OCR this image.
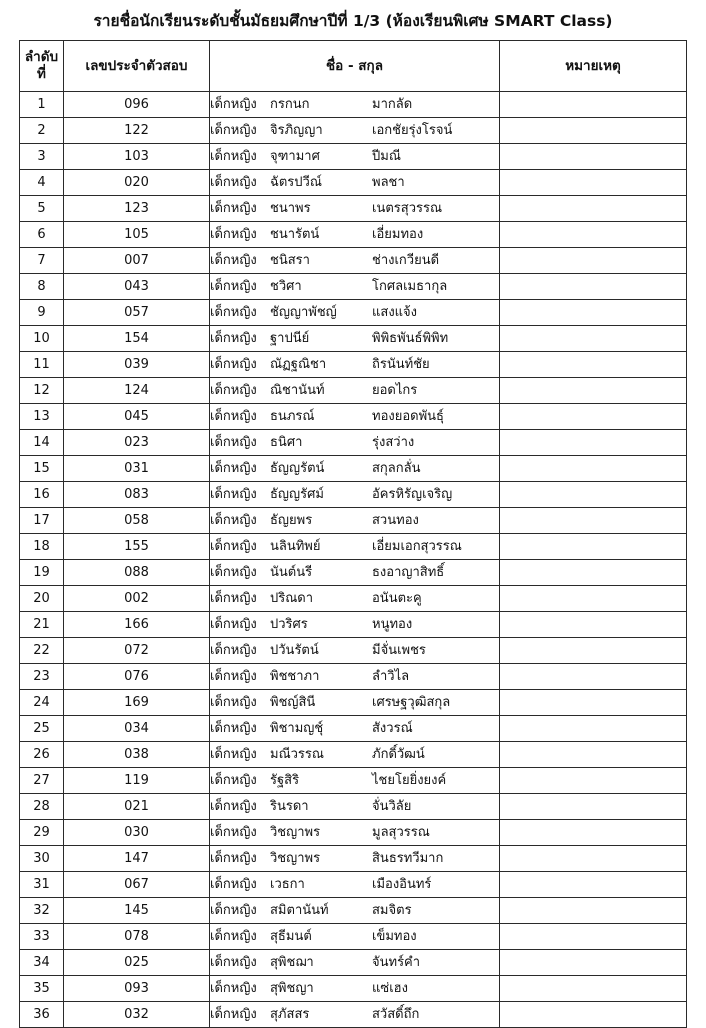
รายชื่อนักเรียนระดับชั้นมัธยมศึกษาปีที่ 1/3 (ห้องเรียนพิเศษ SMART Class)
ลำดับ
ที่	เลขประจำตัวสอบ	ชื่อ - สกุล	หมายเหตุ
1	096	เด็กหญิง กรกนก มากลัด	
2	122	เด็กหญิง จิรภิญญา เอกชัยรุ่งโรจน์	
3	103	เด็กหญิง จุฑามาศ ปีมณี	
4	020	เด็กหญิง ฉัตรปวีณ์ พลชา	
5	123	เด็กหญิง ชนาพร เนตรสุวรรณ	
6	105	เด็กหญิง ชนารัตน์ เอี่ยมทอง	
7	007	เด็กหญิง ชนิสรา ช่างเกวียนดี	
8	043	เด็กหญิง ชวิศา โกศลเมธากุล	
9	057	เด็กหญิง ชัญญาพัชญ์ แสงแจ้ง	
10	154	เด็กหญิง ฐาปนีย์ พิพิธพันธ์พิพิท	
11	039	เด็กหญิง ณัฏฐณิชา ถิรนันท์ชัย	
12	124	เด็กหญิง ณิชานันท์ ยอดไกร	
13	045	เด็กหญิง ธนภรณ์ ทองยอดพันธุ์	
14	023	เด็กหญิง ธนิศา รุ่งสว่าง	
15	031	เด็กหญิง ธัญญรัตน์ สกุลกลั่น	
16	083	เด็กหญิง ธัญญรัศม์ อัครหิรัญเจริญ	
17	058	เด็กหญิง ธัญยพร สวนทอง	
18	155	เด็กหญิง นลินทิพย์ เอี่ยมเอกสุวรรณ	
19	088	เด็กหญิง นันต์นรี ธงอาญาสิทธิ์	
20	002	เด็กหญิง ปริณดา อนันตะคู	
21	166	เด็กหญิง ปวริศร หนูทอง	
22	072	เด็กหญิง ปวันรัตน์ มีจั่นเพชร	
23	076	เด็กหญิง พิชชาภา ลำวิไล	
24	169	เด็กหญิง พิชญ์สินี เศรษฐวุฒิสกุล	
25	034	เด็กหญิง พิชามญชุ์ สังวรณ์	
26	038	เด็กหญิง มณีวรรณ ภักดิ์วัฒน์	
27	119	เด็กหญิง รัฐสิริ ไชยโยยิ่งยงค์	
28	021	เด็กหญิง รินรดา จั่นวิลัย	
29	030	เด็กหญิง วิชญาพร มูลสุวรรณ	
30	147	เด็กหญิง วิชญาพร สินธรทวีมาก	
31	067	เด็กหญิง เวธกา เมืองอินทร์	
32	145	เด็กหญิง สมิตานันท์ สมจิตร	
33	078	เด็กหญิง สุธีมนต์ เข็มทอง	
34	025	เด็กหญิง สุพิชฌา จันทร์คำ	
35	093	เด็กหญิง สุพิชญา แซ่เฮง	
36	032	เด็กหญิง สุภัสสร สวัสดิ์ถึก	
